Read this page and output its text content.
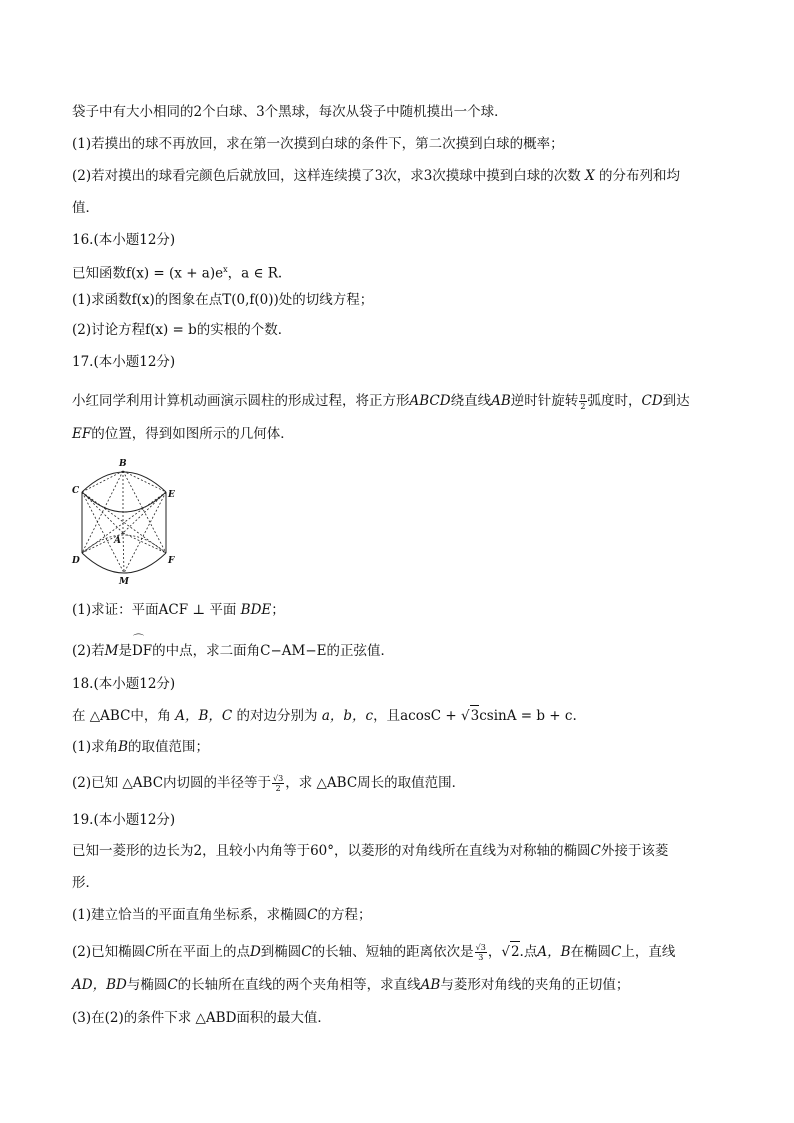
袋子中有大小相同的2个白球、3个黑球，每次从袋子中随机摸出一个球．
(1)若摸出的球不再放回，求在第一次摸到白球的条件下，第二次摸到白球的概率；
(2)若对摸出的球看完颜色后就放回，这样连续摸了3次，求3次摸球中摸到白球的次数 X 的分布列和均
值．
16.(本小题12分)
已知函数$f(x) = (x + a)e^x$，a ∈ R.
(1)求函数f(x)的图象在点T(0,f(0))处的切线方程；
(2)讨论方程f(x) = b的实根的个数．
17.(本小题12分)
小红同学利用计算机动画演示圆柱的形成过程，将正方形ABCD绕直线AB逆时针旋转 $\frac{\pi}{2}$ 弧度时，CD到达
EF的位置，得到如图所示的几何体．
B
C	E
A
D	F
M
(1)求证：平面ACF ⊥ 平面 BDE；
(2)若M是⌒ DF的中点，求二面角C−AM−E的正弦值．
18.(本小题12分)
在 △ABC中，角 A，B，C 的对边分别为 a，b，c，且acosC + √3csinA = b + c.
(1)求角B的取值范围；
(2)已知 △ABC内切圆的半径等于 $\frac{√3}{2}$ ，求 △ABC周长的取值范围．
19.(本小题12分)
已知一菱形的边长为2，且较小内角等于60°，以菱形的对角线所在直线为对称轴的椭圆C外接于该菱
形．
(1)建立恰当的平面直角坐标系，求椭圆C的方程；
(2)已知椭圆C所在平面上的点D到椭圆C的长轴、短轴的距离依次是 $\frac{√3}{3}$ ，√2.点A，B在椭圆C上，直线
AD，BD与椭圆C的长轴所在直线的两个夹角相等，求直线AB与菱形对角线的夹角的正切值；
(3)在(2)的条件下求 △ABD面积的最大值．
